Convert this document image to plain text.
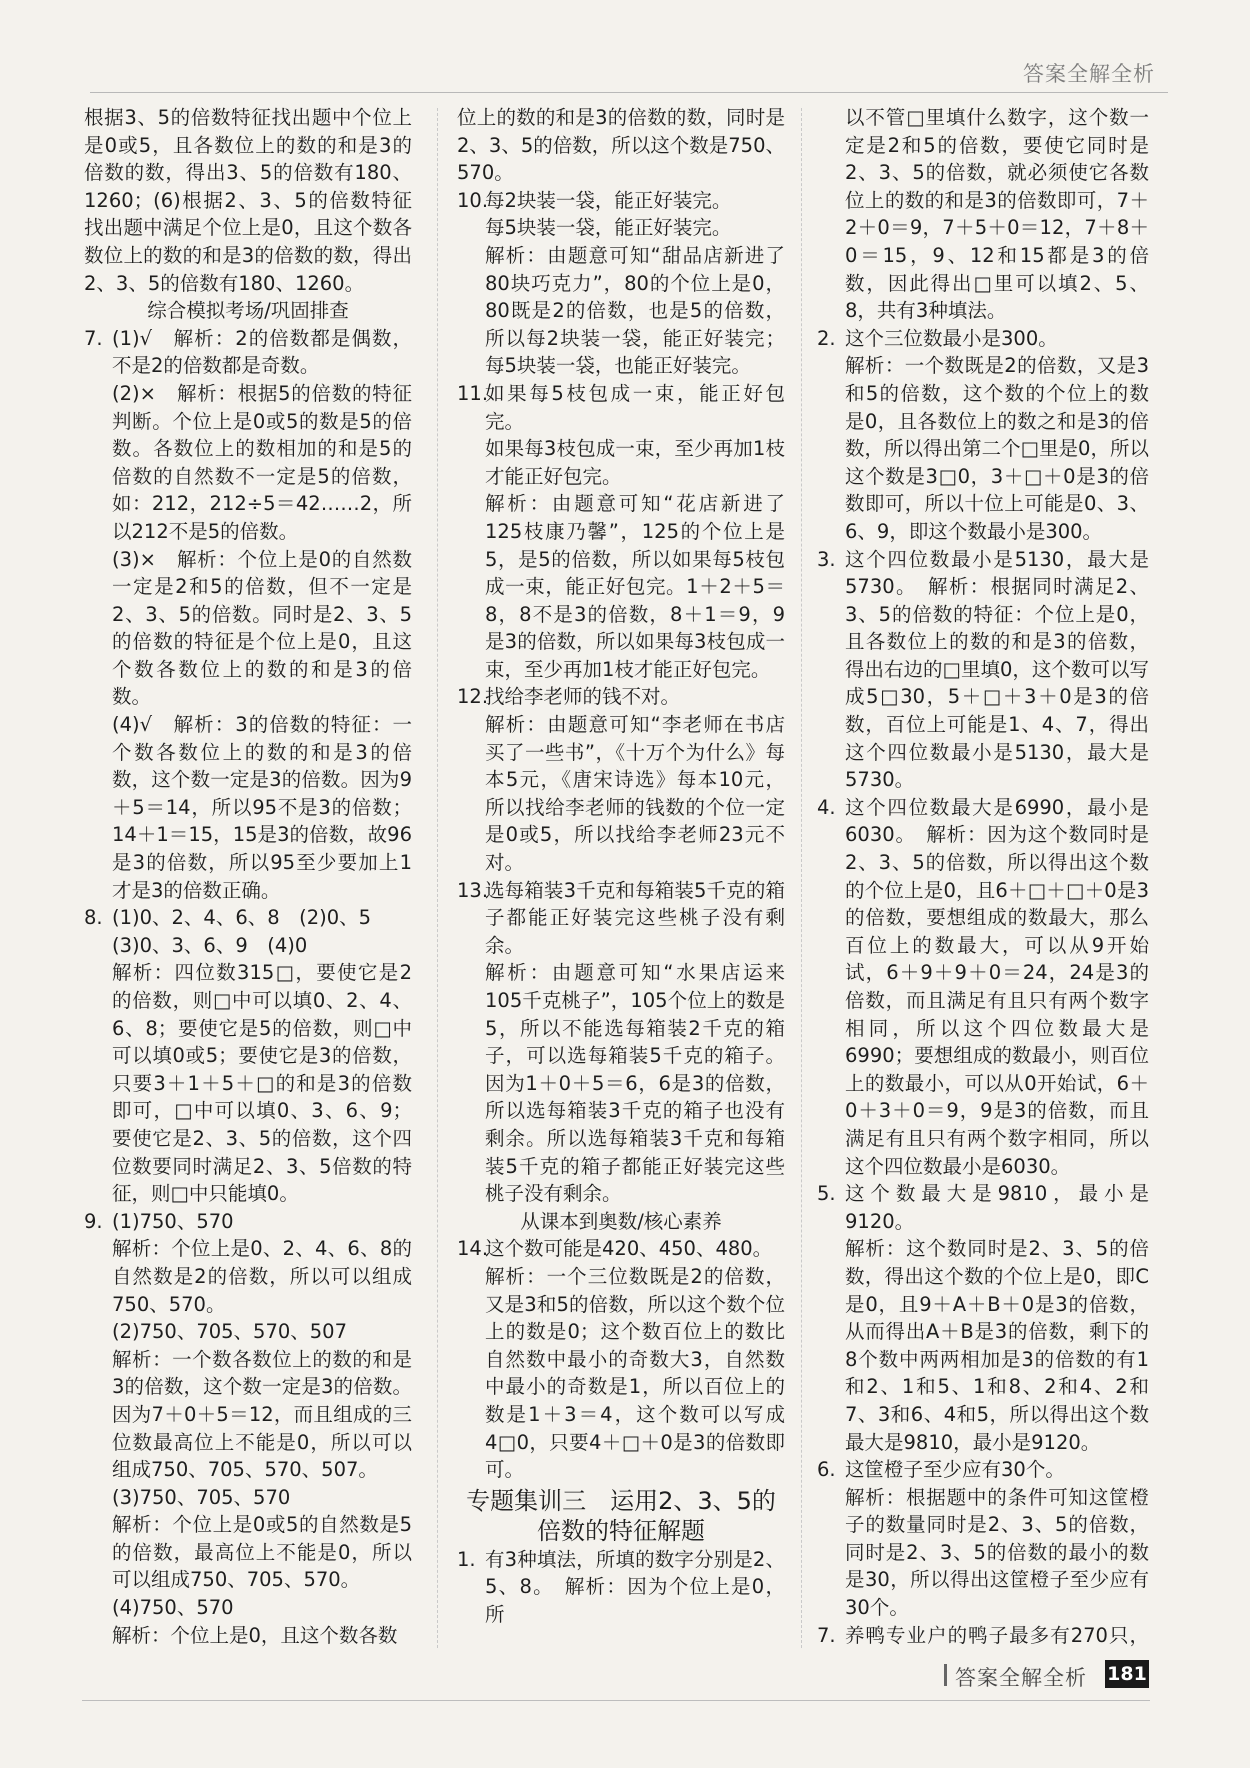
答案全解全析

根据3、5的倍数特征找出题中个位上是0或5，且各数位上的数的和是3的倍数的数，得出3、5的倍数有180、1260；(6)根据2、3、5的倍数特征找出题中满足个位上是0，且这个数各数位上的数的和是3的倍数的数，得出2、3、5的倍数有180、1260。

综合模拟考场/巩固排查

7. (1)√　解析：2的倍数都是偶数，不是2的倍数都是奇数。
(2)×　解析：根据5的倍数的特征判断。个位上是0或5的数是5的倍数。各数位上的数相加的和是5的倍数的自然数不一定是5的倍数，如：212，212÷5＝42……2，所以212不是5的倍数。
(3)×　解析：个位上是0的自然数一定是2和5的倍数，但不一定是2、3、5的倍数。同时是2、3、5的倍数的特征是个位上是0，且这个数各数位上的数的和是3的倍数。
(4)√　解析：3的倍数的特征：一个数各数位上的数的和是3的倍数，这个数一定是3的倍数。因为9＋5＝14，所以95不是3的倍数；14＋1＝15，15是3的倍数，故96是3的倍数，所以95至少要加上1才是3的倍数正确。
8. (1)0、2、4、6、8　(2)0、5
(3)0、3、6、9　(4)0
解析：四位数315□，要使它是2的倍数，则□中可以填0、2、4、6、8；要使它是5的倍数，则□中可以填0或5；要使它是3的倍数，只要3＋1＋5＋□的和是3的倍数即可，□中可以填0、3、6、9；要使它是2、3、5的倍数，这个四位数要同时满足2、3、5倍数的特征，则□中只能填0。
9. (1)750、570
解析：个位上是0、2、4、6、8的自然数是2的倍数，所以可以组成750、570。
(2)750、705、570、507
解析：一个数各数位上的数的和是3的倍数，这个数一定是3的倍数。因为7＋0＋5＝12，而且组成的三位数最高位上不能是0，所以可以组成750、705、570、507。
(3)750、705、570
解析：个位上是0或5的自然数是5的倍数，最高位上不能是0，所以可以组成750、705、570。
(4)750、570
解析：个位上是0，且这个数各数

位上的数的和是3的倍数的数，同时是2、3、5的倍数，所以这个数是750、570。

10.
每2块装一袋，能正好装完。
每5块装一袋，能正好装完。
解析：由题意可知“甜品店新进了80块巧克力”，80的个位上是0，80既是2的倍数，也是5的倍数，所以每2块装一袋，能正好装完；每5块装一袋，也能正好装完。
11.
如果每5枝包成一束，能正好包完。
如果每3枝包成一束，至少再加1枝才能正好包完。
解析：由题意可知“花店新进了125枝康乃馨”，125的个位上是5，是5的倍数，所以如果每5枝包成一束，能正好包完。1＋2＋5＝8，8不是3的倍数，8＋1＝9，9是3的倍数，所以如果每3枝包成一束，至少再加1枝才能正好包完。
12.
找给李老师的钱不对。
解析：由题意可知“李老师在书店买了一些书”，《十万个为什么》每本5元，《唐宋诗选》每本10元，所以找给李老师的钱数的个位一定是0或5，所以找给李老师23元不对。
13.
选每箱装3千克和每箱装5千克的箱子都能正好装完这些桃子没有剩余。
解析：由题意可知“水果店运来105千克桃子”，105个位上的数是5，所以不能选每箱装2千克的箱子，可以选每箱装5千克的箱子。因为1＋0＋5＝6，6是3的倍数，所以选每箱装3千克的箱子也没有剩余。所以选每箱装3千克和每箱装5千克的箱子都能正好装完这些桃子没有剩余。

从课本到奥数/核心素养

14.
这个数可能是420、450、480。
解析：一个三位数既是2的倍数，又是3和5的倍数，所以这个数个位上的数是0；这个数百位上的数比自然数中最小的奇数大3，自然数中最小的奇数是1，所以百位上的数是1＋3＝4，这个数可以写成4□0，只要4＋□＋0是3的倍数即可。
专题集训三　运用2、3、5的
倍数的特征解题
1. 有3种填法，所填的数字分别是2、5、8。　解析：因为个位上是0，所

以不管□里填什么数字，这个数一定是2和5的倍数，要使它同时是2、3、5的倍数，就必须使它各数位上的数的和是3的倍数即可，7＋2＋0＝9，7＋5＋0＝12，7＋8＋0＝15，9、12和15都是3的倍数，因此得出□里可以填2、5、8，共有3种填法。

2. 这个三位数最小是300。
解析：一个数既是2的倍数，又是3和5的倍数，这个数的个位上的数是0，且各数位上的数之和是3的倍数，所以得出第二个□里是0，所以这个数是3□0，3＋□＋0是3的倍数即可，所以十位上可能是0、3、6、9，即这个数最小是300。
3. 这个四位数最小是5130，最大是5730。　解析：根据同时满足2、3、5的倍数的特征：个位上是0，且各数位上的数的和是3的倍数，得出右边的□里填0，这个数可以写成5□30，5＋□＋3＋0是3的倍数，百位上可能是1、4、7，得出这个四位数最小是5130，最大是5730。
4. 这个四位数最大是6990，最小是6030。　解析：因为这个数同时是2、3、5的倍数，所以得出这个数的个位上是0，且6＋□＋□＋0是3的倍数，要想组成的数最大，那么百位上的数最大，可以从9开始试，6＋9＋9＋0＝24，24是3的倍数，而且满足有且只有两个数字相同，所以这个四位数最大是6990；要想组成的数最小，则百位上的数最小，可以从0开始试，6＋0＋3＋0＝9，9是3的倍数，而且满足有且只有两个数字相同，所以这个四位数最小是6030。
5. 这个数最大是9810，最小是9120。
解析：这个数同时是2、3、5的倍数，得出这个数的个位上是0，即C是0，且9＋A＋B＋0是3的倍数，从而得出A＋B是3的倍数，剩下的8个数中两两相加是3的倍数的有1和2、1和5、1和8、2和4、2和7、3和6、4和5，所以得出这个数最大是9810，最小是9120。
6. 这筐橙子至少应有30个。
解析：根据题中的条件可知这筐橙子的数量同时是2、3、5的倍数，同时是2、3、5的倍数的最小的数是30，所以得出这筐橙子至少应有30个。
7. 养鸭专业户的鸭子最多有270只，　
答案全解全析 181
